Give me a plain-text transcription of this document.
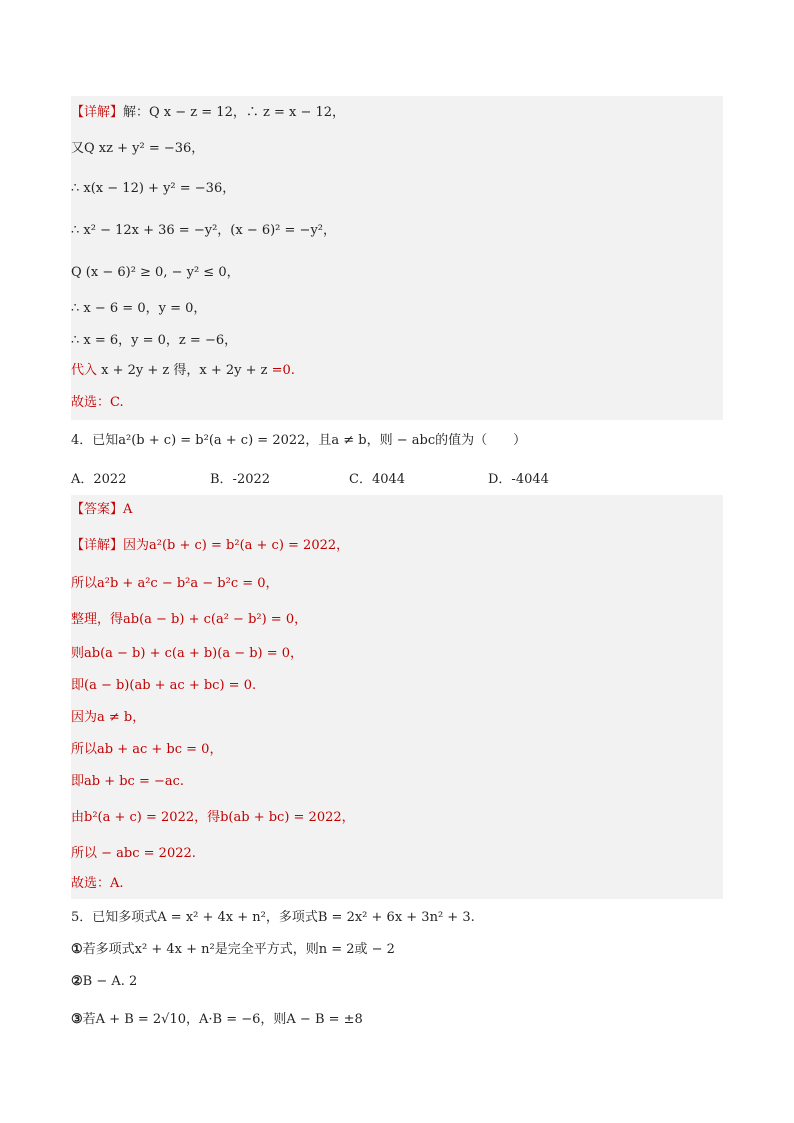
【详解】解：Q x − z = 12，∴ z = x − 12，
又Q xz + y² = −36，
∴ x(x − 12) + y² = −36，
∴ x² − 12x + 36 = −y²，(x − 6)² = −y²，
Q (x − 6)² ≥ 0, − y² ≤ 0，
∴ x − 6 = 0，y = 0，
∴ x = 6，y = 0，z = −6，
代入 x + 2y + z 得，x + 2y + z =0.
故选：C.
4．已知a²(b + c) = b²(a + c) = 2022，且a ≠ b，则 − abc的值为（　　）
A．2022	B．-2022	C．4044	D．-4044
【答案】A
【详解】因为a²(b + c) = b²(a + c) = 2022，
所以a²b + a²c − b²a − b²c = 0，
整理，得ab(a − b) + c(a² − b²) = 0，
则ab(a − b) + c(a + b)(a − b) = 0，
即(a − b)(ab + ac + bc) = 0.
因为a ≠ b，
所以ab + ac + bc = 0，
即ab + bc = −ac.
由b²(a + c) = 2022，得b(ab + bc) = 2022，
所以 − abc = 2022.
故选：A.
5．已知多项式A = x² + 4x + n²，多项式B = 2x² + 6x + 3n² + 3.
①若多项式x² + 4x + n²是完全平方式，则n = 2或 − 2
②B − A. 2
③若A + B = 2√10，A·B = −6，则A − B = ±8
